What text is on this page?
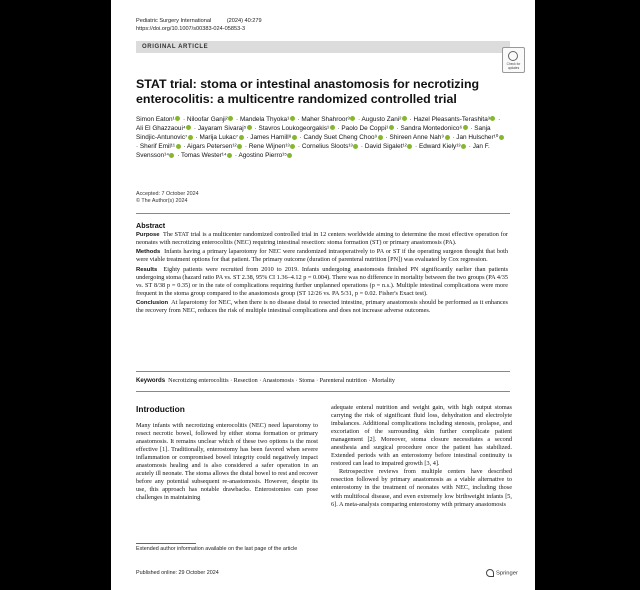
Pediatric Surgery International	(2024) 40:279
https://doi.org/10.1007/s00383-024-05853-3
ORIGINAL ARTICLE
Check for
updates
STAT trial: stoma or intestinal anastomosis for necrotizing enterocolitis: a multicentre randomized controlled trial
Simon Eaton¹ · Niloofar Ganji² · Mandela Thyoka¹ · Maher Shahroor³ · Augusto Zani² · Hazel Pleasants-Terashita³ · Ali El Ghazzaoui⁴ · Jayaram Sivaraj⁵ · Stavros Loukogeorgakis¹ · Paolo De Coppi¹ · Sandra Montedonico⁶ · Sanja Sindjic-Antunovic⁷ · Marija Lukac⁷ · James Hamill⁸ · Candy Suet Cheng Choo⁹ · Shireen Anne Nah⁹ · Jan Hulscher¹⁰ · Sherif Emil¹¹ · Aigars Petersen¹² · Rene Wijnen¹³ · Cornelius Sloots¹³ · David Sigalet¹² · Edward Kiely¹³ · Jan F. Svensson¹⁴ · Tomas Wester¹⁴ · Agostino Pierro¹⁵
Accepted: 7 October 2024
© The Author(s) 2024
Abstract

Purpose The STAT trial is a multicenter randomized controlled trial in 12 centers worldwide aiming to determine the most effective operation for neonates with necrotizing enterocolitis (NEC) requiring intestinal resection: stoma formation (ST) or primary anastomosis (PA).

Methods Infants having a primary laparotomy for NEC were randomized intraoperatively to PA or ST if the operating surgeon thought that both were viable treatment options for that patient. The primary outcome (duration of parenteral nutrition [PN]) was evaluated by Cox regression.

Results Eighty patients were recruited from 2010 to 2019. Infants undergoing anastomosis finished PN significantly earlier than patients undergoing stoma (hazard ratio PA vs. ST 2.38, 95% CI 1.36–4.12 p = 0.004). There was no difference in mortality between the two groups (PA 4/35 vs. ST 8/38 p = 0.35) or in the rate of complications requiring further unplanned operations (p = n.s.). Multiple intestinal complications were more frequent in the stoma group compared to the anastomosis group (ST 12/26 vs. PA 5/31, p = 0.02. Fisher's Exact test).

Conclusion At laparotomy for NEC, when there is no disease distal to resected intestine, primary anastomosis should be performed as it enhances the recovery from NEC, reduces the risk of multiple intestinal complications and does not increase adverse outcomes.

Keywords Necrotizing enterocolitis · Resection · Anastomosis · Stoma · Parenteral nutrition · Mortality
Introduction

Many infants with necrotizing enterocolitis (NEC) need laparotomy to resect necrotic bowel, followed by either stoma formation or primary anastomosis. It remains unclear which of these two options is the most effective [1]. Traditionally, enterostomy has been favored when severe inflammation or compromised bowel integrity could negatively impact anastomosis healing and is also considered a safer operation in an acutely ill neonate. The stoma allows the distal bowel to rest and recover before any potential subsequent re-anastomosis. However, despite its use, this approach has notable drawbacks. Enterostomies can pose challenges in maintaining

adequate enteral nutrition and weight gain, with high output stomas carrying the risk of significant fluid loss, dehydration and electrolyte imbalances. Additional complications including stenosis, prolapse, and excoriation of the surrounding skin further complicate patient management [2]. Moreover, stoma closure necessitates a second anesthesia and surgical procedure once the patient has stabilized. Extended periods with an enterostomy before intestinal continuity is restored can lead to impaired growth [3, 4].

Retrospective reviews from multiple centers have described resection followed by primary anastomosis as a viable alternative to enterostomy in the treatment of neonates with NEC, including those with multifocal disease, and even extremely low birthweight infants [5, 6]. A meta-analysis comparing enterostomy with primary anastomosis

Extended author information available on the last page of the article
Published online: 29 October 2024	Springer
